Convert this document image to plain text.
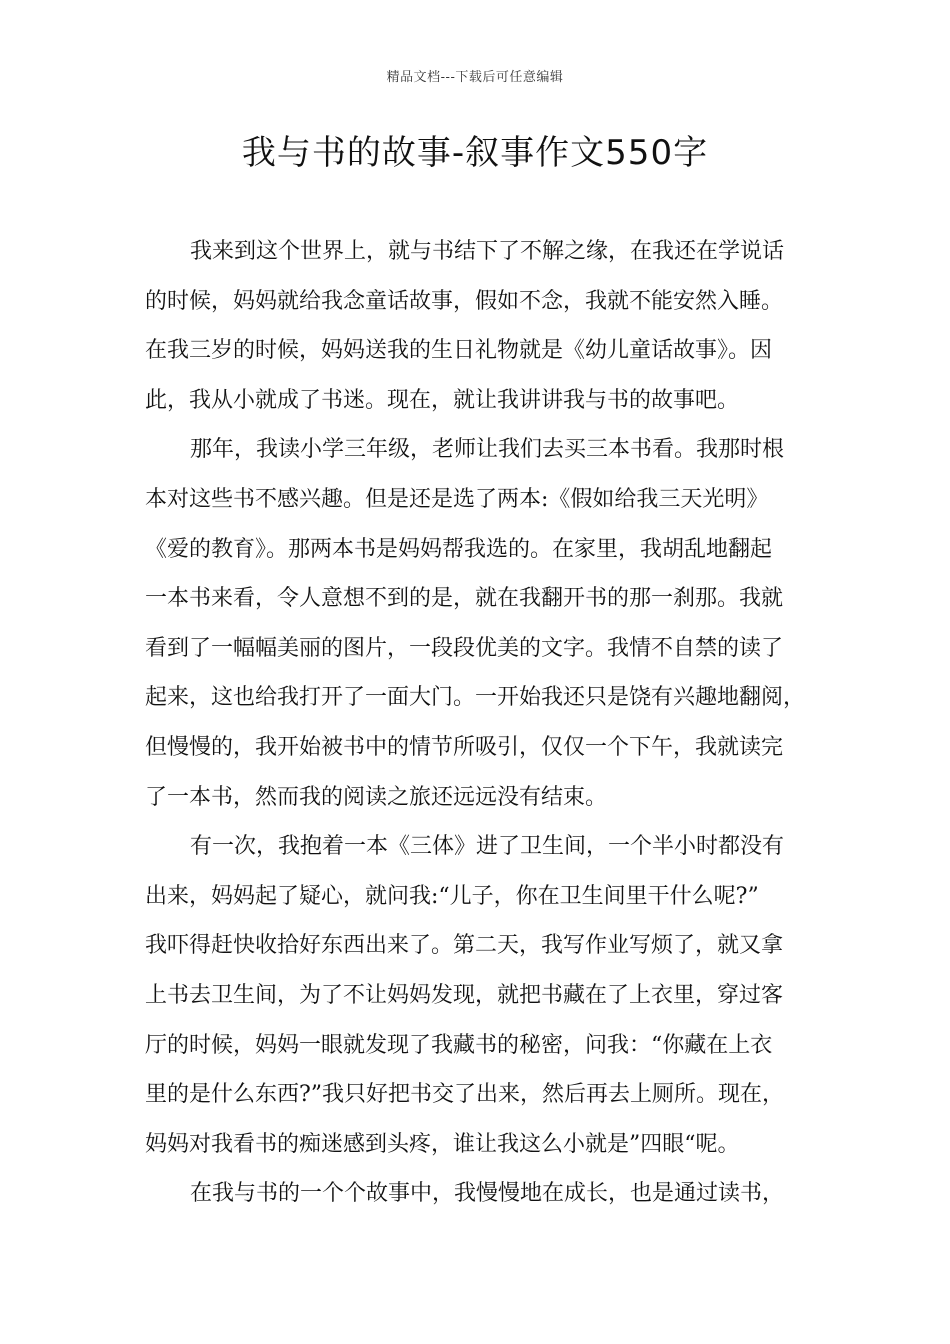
精品文档---下载后可任意编辑
我与书的故事-叙事作文550字
我来到这个世界上，就与书结下了不解之缘，在我还在学说话
的时候，妈妈就给我念童话故事，假如不念，我就不能安然入睡。
在我三岁的时候，妈妈送我的生日礼物就是《幼儿童话故事》。因
此，我从小就成了书迷。现在，就让我讲讲我与书的故事吧。
那年，我读小学三年级，老师让我们去买三本书看。我那时根
本对这些书不感兴趣。但是还是选了两本:《假如给我三天光明》
《爱的教育》。那两本书是妈妈帮我选的。在家里，我胡乱地翻起
一本书来看，令人意想不到的是，就在我翻开书的那一刹那。我就
看到了一幅幅美丽的图片，一段段优美的文字。我情不自禁的读了
起来，这也给我打开了一面大门。一开始我还只是饶有兴趣地翻阅，
但慢慢的，我开始被书中的情节所吸引，仅仅一个下午，我就读完
了一本书，然而我的阅读之旅还远远没有结束。
有一次，我抱着一本《三体》进了卫生间，一个半小时都没有
出来，妈妈起了疑心，就问我:“儿子，你在卫生间里干什么呢?”
我吓得赶快收拾好东西出来了。第二天，我写作业写烦了，就又拿
上书去卫生间，为了不让妈妈发现，就把书藏在了上衣里，穿过客
厅的时候，妈妈一眼就发现了我藏书的秘密，问我：“你藏在上衣
里的是什么东西?”我只好把书交了出来，然后再去上厕所。现在，
妈妈对我看书的痴迷感到头疼，谁让我这么小就是”四眼“呢。
在我与书的一个个故事中，我慢慢地在成长，也是通过读书，
